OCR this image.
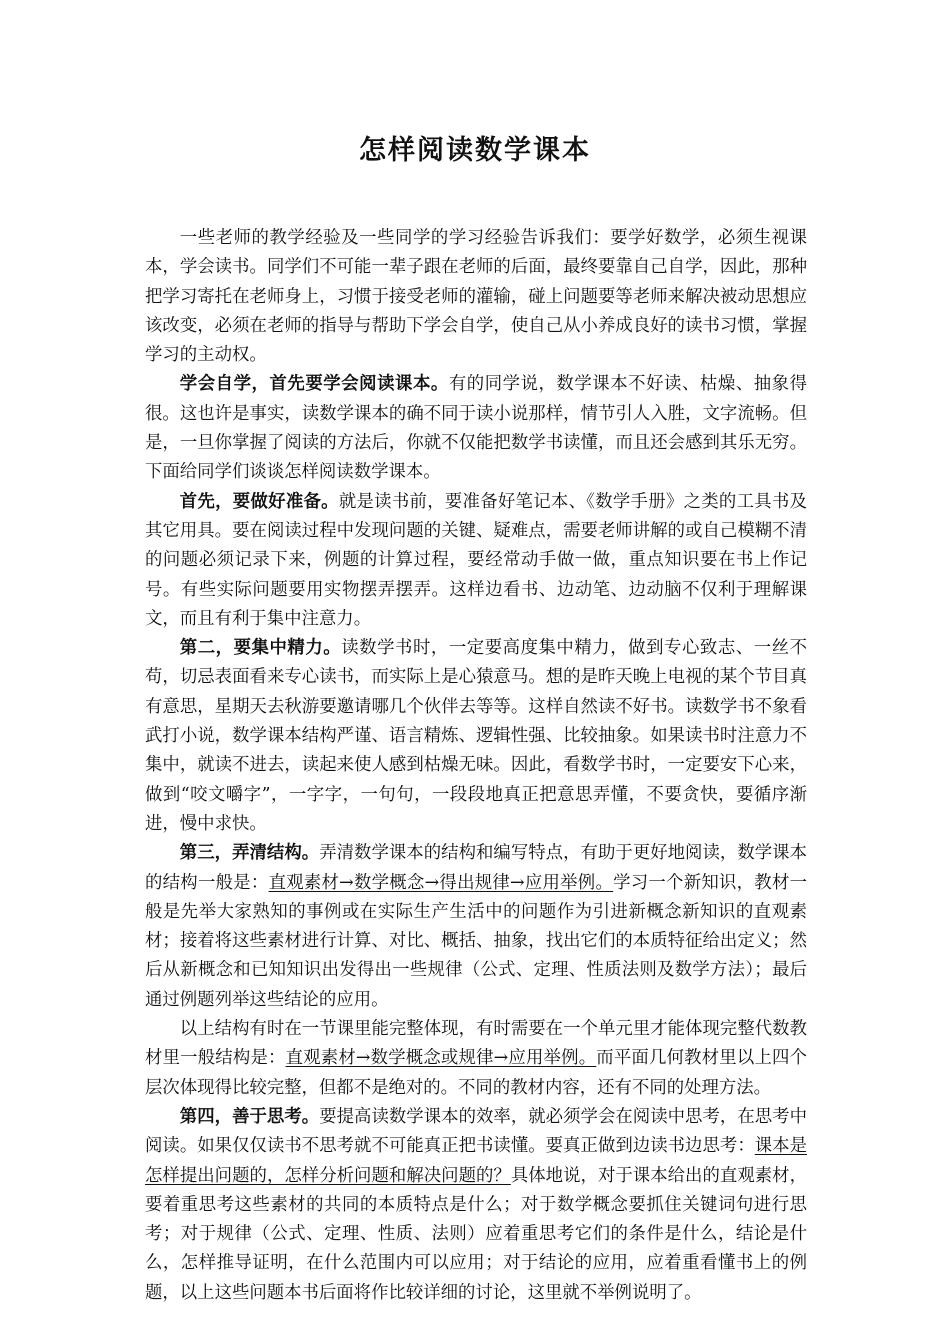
怎样阅读数学课本

一些老师的教学经验及一些同学的学习经验告诉我们：要学好数学，必须生视课本，学会读书。同学们不可能一辈子跟在老师的后面，最终要靠自己自学，因此，那种把学习寄托在老师身上，习惯于接受老师的灌输，碰上问题要等老师来解决被动思想应该改变，必须在老师的指导与帮助下学会自学，使自己从小养成良好的读书习惯，掌握学习的主动权。

学会自学，首先要学会阅读课本。有的同学说，数学课本不好读、枯燥、抽象得很。这也许是事实，读数学课本的确不同于读小说那样，情节引人入胜，文字流畅。但是，一旦你掌握了阅读的方法后，你就不仅能把数学书读懂，而且还会感到其乐无穷。下面给同学们谈谈怎样阅读数学课本。

首先，要做好准备。就是读书前，要准备好笔记本、《数学手册》之类的工具书及其它用具。要在阅读过程中发现问题的关键、疑难点，需要老师讲解的或自己模糊不清的问题必须记录下来，例题的计算过程，要经常动手做一做，重点知识要在书上作记号。有些实际问题要用实物摆弄摆弄。这样边看书、边动笔、边动脑不仅利于理解课文，而且有利于集中注意力。

第二，要集中精力。读数学书时，一定要高度集中精力，做到专心致志、一丝不苟，切忌表面看来专心读书，而实际上是心猿意马。想的是昨天晚上电视的某个节目真有意思，星期天去秋游要邀请哪几个伙伴去等等。这样自然读不好书。读数学书不象看武打小说，数学课本结构严谨、语言精炼、逻辑性强、比较抽象。如果读书时注意力不集中，就读不进去，读起来使人感到枯燥无味。因此，看数学书时，一定要安下心来，做到“咬文嚼字”，一字字，一句句，一段段地真正把意思弄懂，不要贪快，要循序渐进，慢中求快。

第三，弄清结构。弄清数学课本的结构和编写特点，有助于更好地阅读，数学课本的结构一般是：直观素材→数学概念→得出规律→应用举例。学习一个新知识，教材一般是先举大家熟知的事例或在实际生产生活中的问题作为引进新概念新知识的直观素材；接着将这些素材进行计算、对比、概括、抽象，找出它们的本质特征给出定义；然后从新概念和已知知识出发得出一些规律（公式、定理、性质法则及数学方法）；最后通过例题列举这些结论的应用。

以上结构有时在一节课里能完整体现，有时需要在一个单元里才能体现完整代数教材里一般结构是：直观素材→数学概念或规律→应用举例。而平面几何教材里以上四个层次体现得比较完整，但都不是绝对的。不同的教材内容，还有不同的处理方法。

第四，善于思考。要提高读数学课本的效率，就必须学会在阅读中思考，在思考中阅读。如果仅仅读书不思考就不可能真正把书读懂。要真正做到边读书边思考：课本是怎样提出问题的，怎样分析问题和解决问题的？具体地说，对于课本给出的直观素材，要着重思考这些素材的共同的本质特点是什么；对于数学概念要抓住关键词句进行思考；对于规律（公式、定理、性质、法则）应着重思考它们的条件是什么，结论是什么，怎样推导证明，在什么范围内可以应用；对于结论的应用，应着重看懂书上的例题，以上这些问题本书后面将作比较详细的讨论，这里就不举例说明了。
